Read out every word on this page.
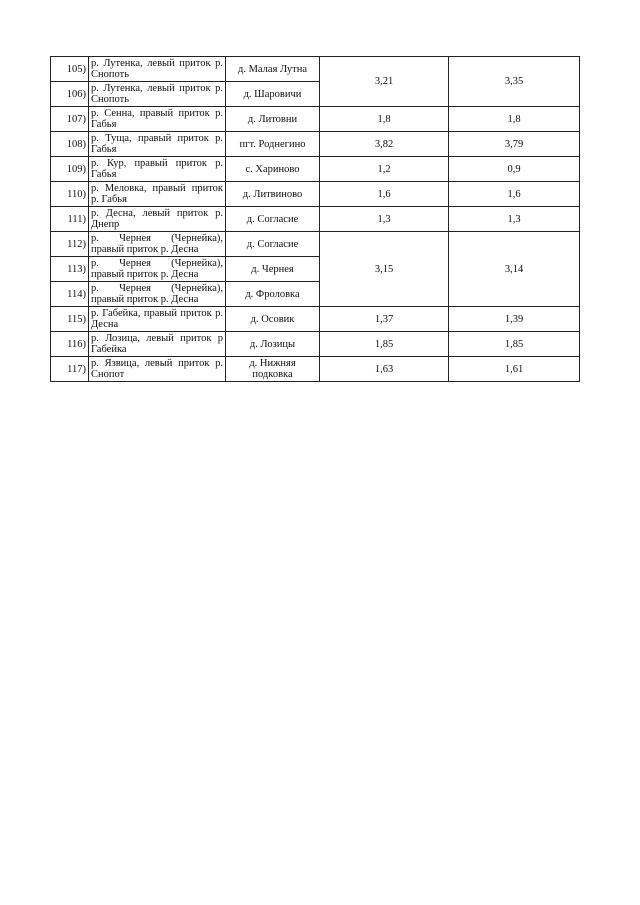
105)	р. Лутенка, левый приток р. Снопоть	д. Малая Лутна	3,21	3,35
106)	р. Лутенка, левый приток р. Снопоть	д. Шаровичи		
107)	р. Сенна, правый приток р. Габья	д. Литовни	1,8	1,8
108)	р. Туща, правый приток р. Габья	пгт. Роднегино	3,82	3,79
109)	р. Кур, правый приток р. Габья	с. Хариново	1,2	0,9
110)	р. Меловка, правый приток р. Габья	д. Литвиново	1,6	1,6
111)	р. Десна, левый приток р. Днепр	д. Согласие	1,3	1,3
112)	р. Чернея (Чернейка), правый приток р. Десна	д. Согласие	3,15	3,14
113)	р. Чернея (Чернейка), правый приток р. Десна	д. Чернея		
114)	р. Чернея (Чернейка), правый приток р. Десна	д. Фроловка		
115)	р. Габейка, правый приток р. Десна	д. Осовик	1,37	1,39
116)	р. Лозица, левый приток р Габейка	д. Лозицы	1,85	1,85
117)	р. Язвица, левый приток р. Снопот	д. Нижняя подковка	1,63	1,61
